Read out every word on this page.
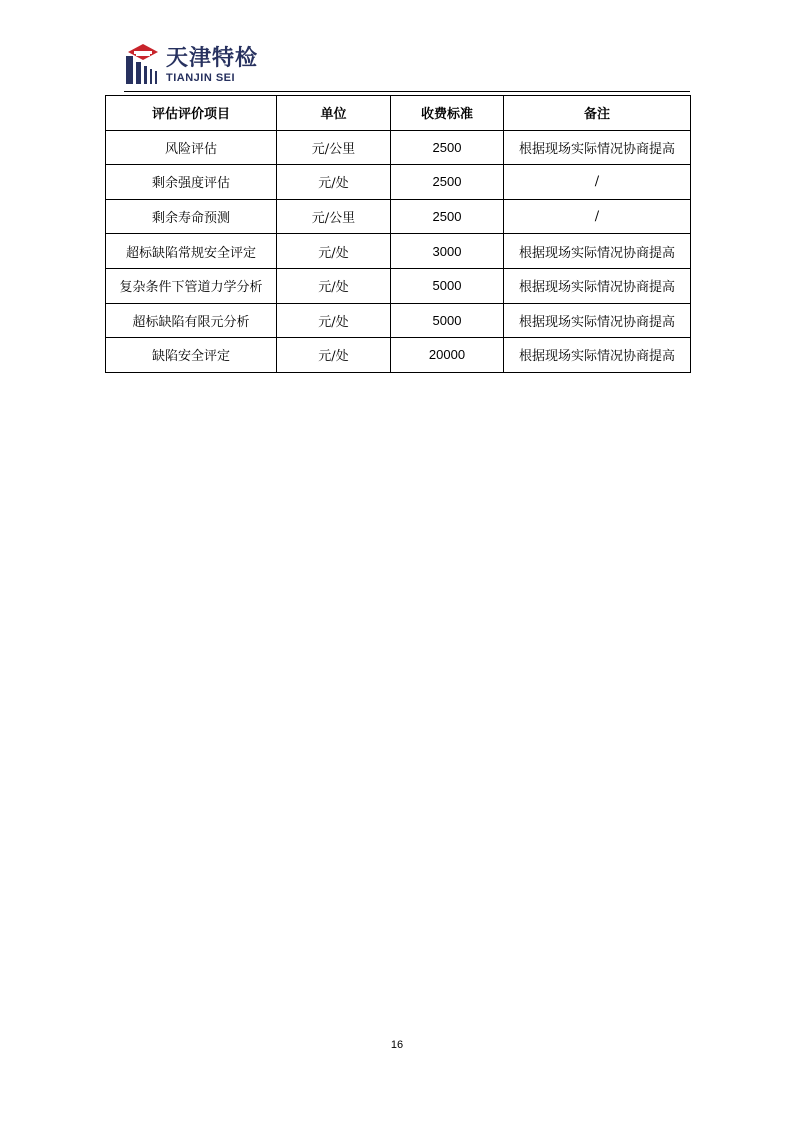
天津特检
TIANJIN SEI
评估评价项目	单位	收费标准	备注
风险评估	元/公里	2500	根据现场实际情况协商提高
剩余强度评估	元/处	2500	/
剩余寿命预测	元/公里	2500	/
超标缺陷常规安全评定	元/处	3000	根据现场实际情况协商提高
复杂条件下管道力学分析	元/处	5000	根据现场实际情况协商提高
超标缺陷有限元分析	元/处	5000	根据现场实际情况协商提高
缺陷安全评定	元/处	20000	根据现场实际情况协商提高
16
